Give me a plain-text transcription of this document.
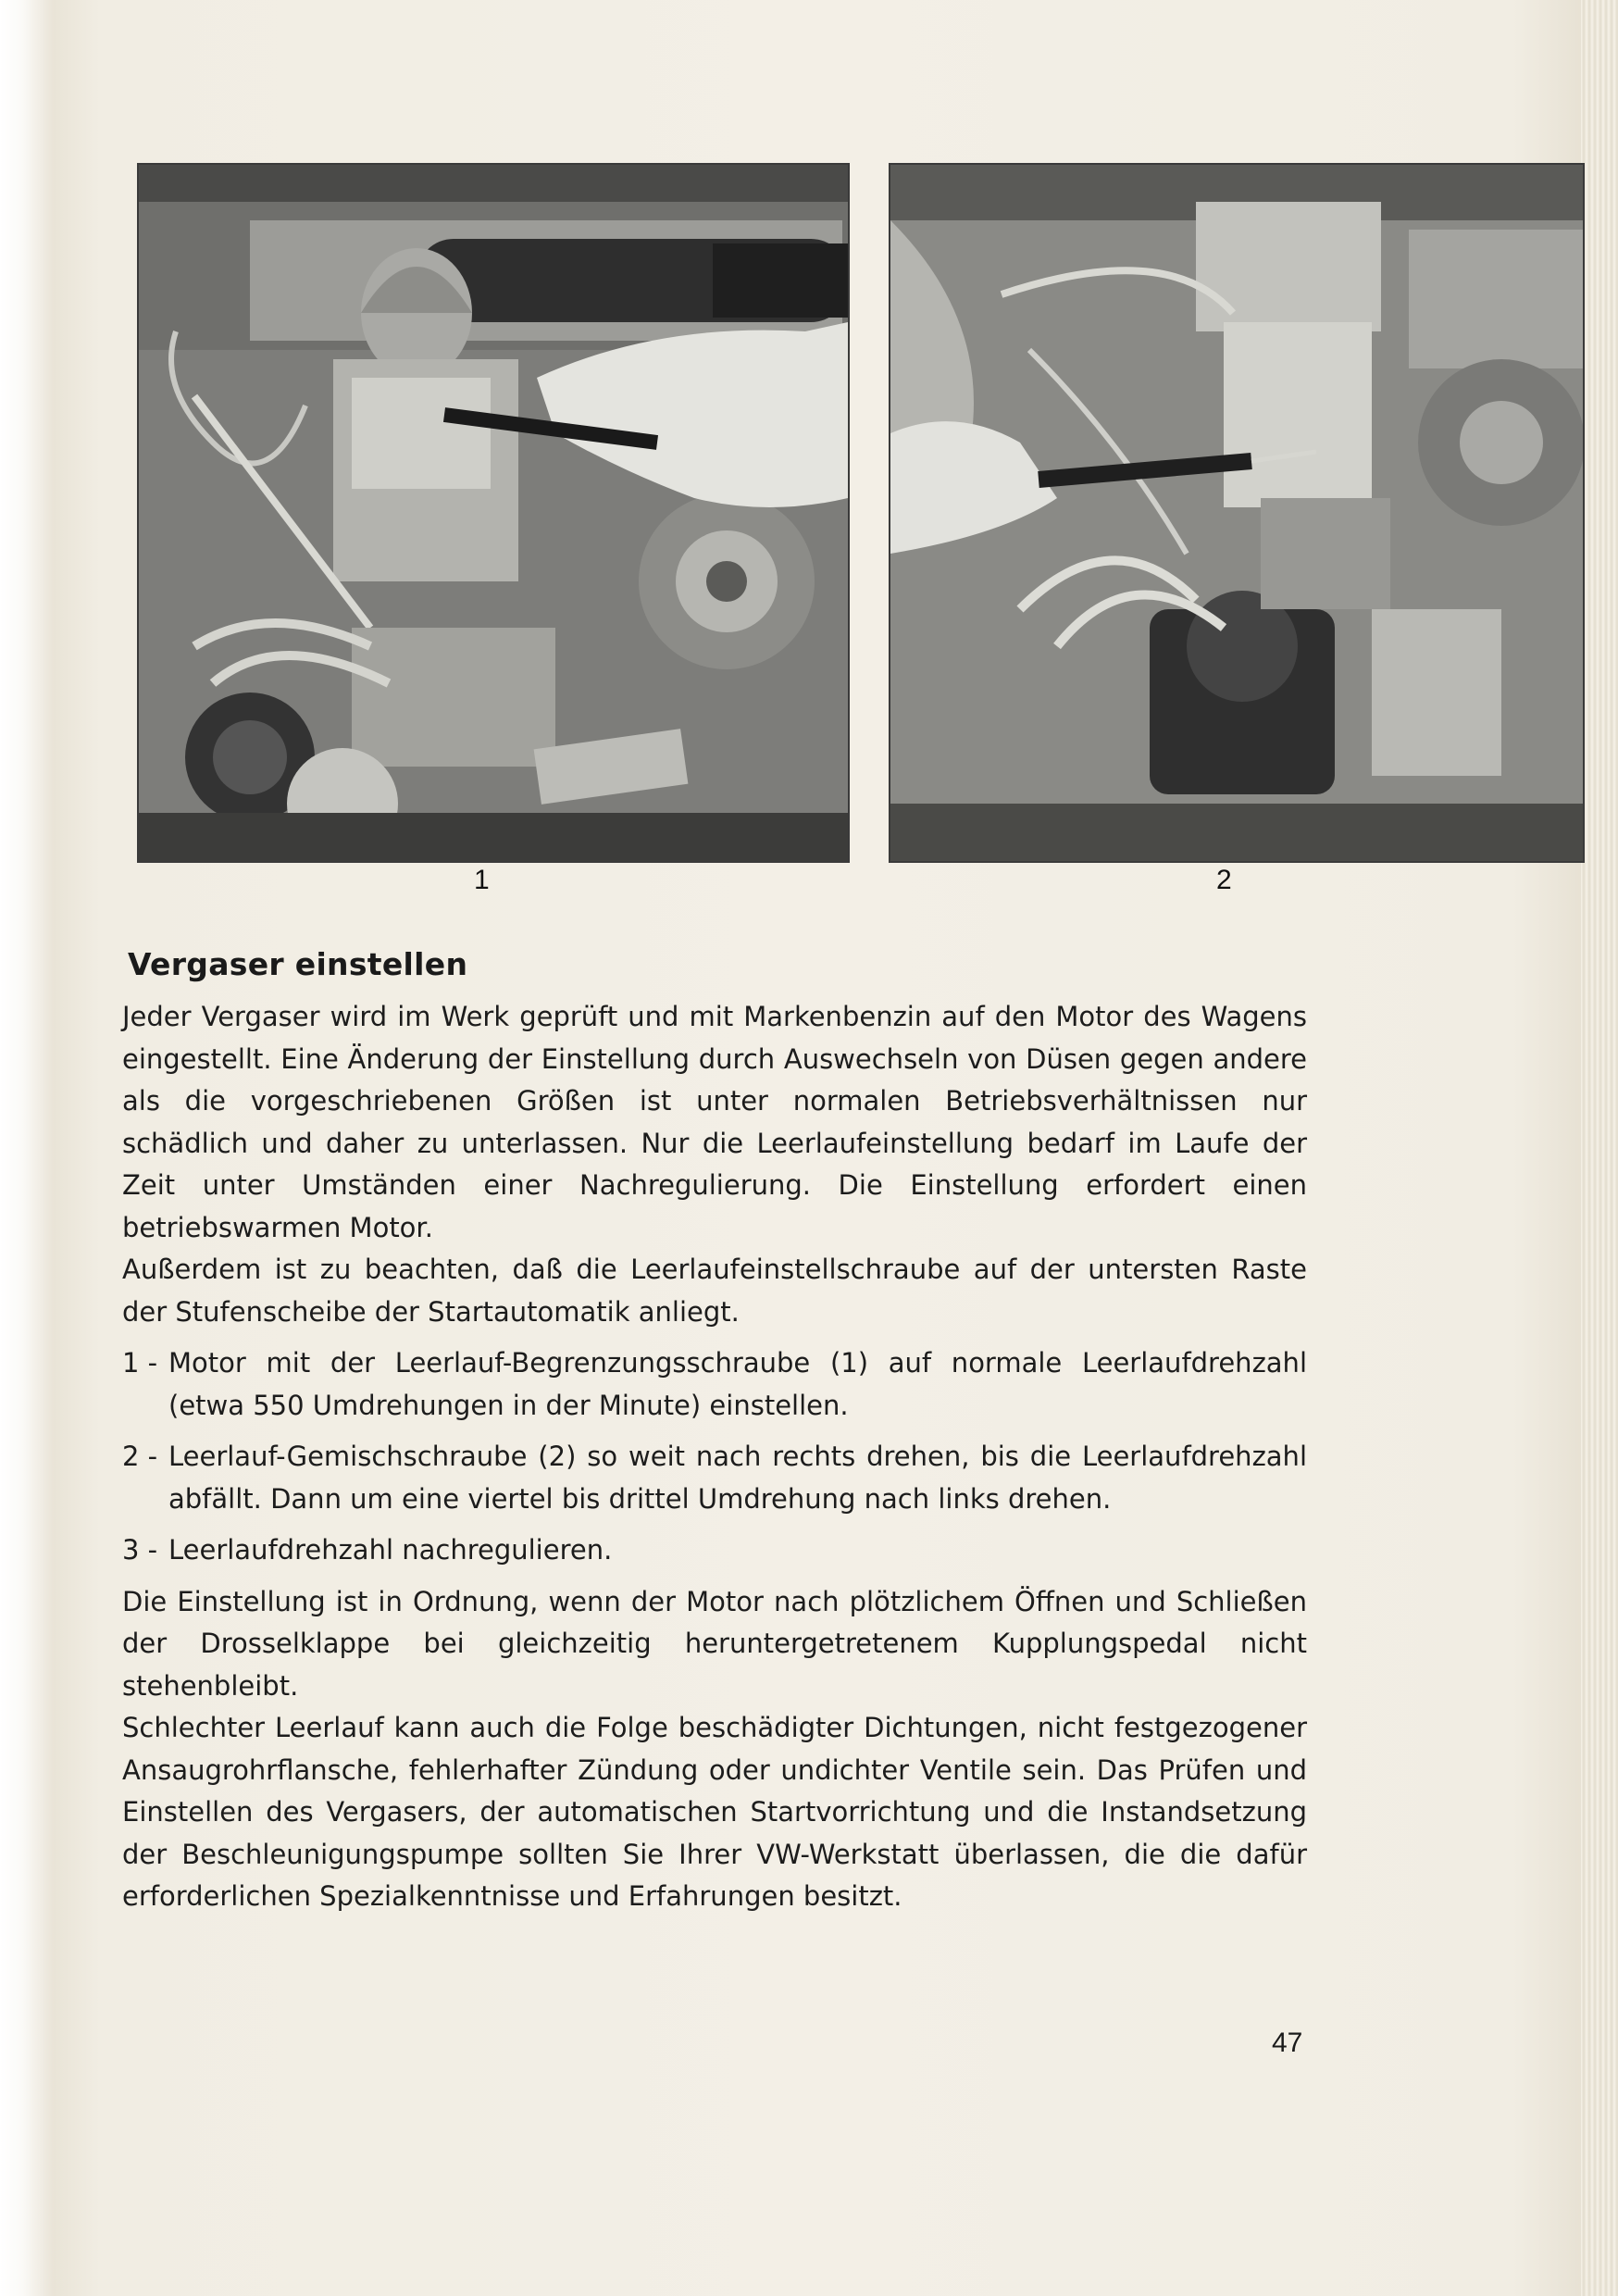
1	2
Vergaser einstellen

Jeder Vergaser wird im Werk geprüft und mit Markenbenzin auf den Motor des Wagens eingestellt. Eine Änderung der Einstellung durch Auswechseln von Düsen gegen andere als die vorgeschriebenen Größen ist unter normalen Betriebsverhältnissen nur schädlich und daher zu unterlassen. Nur die Leerlaufeinstellung bedarf im Laufe der Zeit unter Umständen einer Nachregulierung. Die Einstellung erfordert einen betriebswarmen Motor.

Außerdem ist zu beachten, daß die Leerlaufeinstellschraube auf der untersten Raste der Stufenscheibe der Startautomatik anliegt.

1 - Motor mit der Leerlauf-Begrenzungsschraube (1) auf normale Leerlaufdrehzahl (etwa 550 Umdrehungen in der Minute) einstellen.
2 - Leerlauf-Gemischschraube (2) so weit nach rechts drehen, bis die Leerlaufdrehzahl abfällt. Dann um eine viertel bis drittel Umdrehung nach links drehen.
3 - Leerlaufdrehzahl nachregulieren.

Die Einstellung ist in Ordnung, wenn der Motor nach plötzlichem Öffnen und Schließen der Drosselklappe bei gleichzeitig heruntergetretenem Kupplungspedal nicht stehenbleibt.

Schlechter Leerlauf kann auch die Folge beschädigter Dichtungen, nicht festgezogener Ansaugrohrflansche, fehlerhafter Zündung oder undichter Ventile sein. Das Prüfen und Einstellen des Vergasers, der automatischen Startvorrichtung und die Instandsetzung der Beschleunigungspumpe sollten Sie Ihrer VW-Werkstatt überlassen, die die dafür erforderlichen Spezialkenntnisse und Erfahrungen besitzt.

47
